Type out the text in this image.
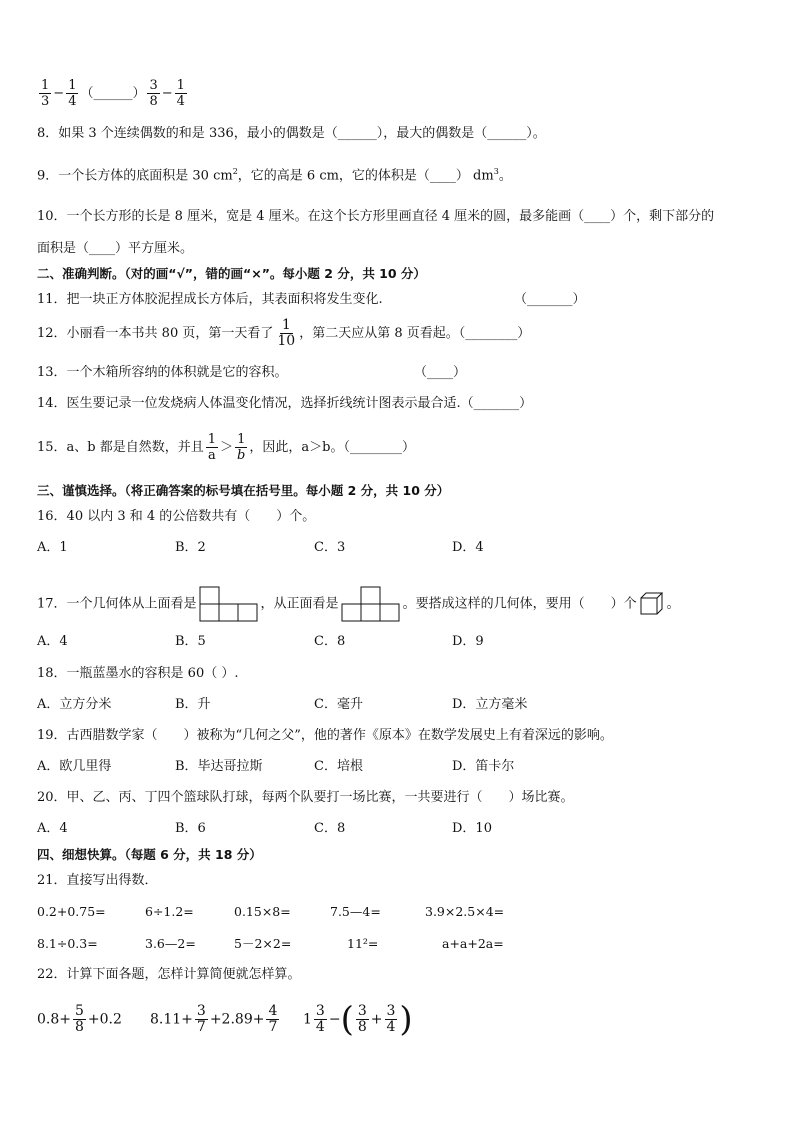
$\frac{1}{3} - \frac{1}{4}$ （______） $\frac{3}{8} - \frac{1}{4}$
8．如果 3 个连续偶数的和是 336，最小的偶数是（______），最大的偶数是（______）。
9．一个长方体的底面积是 30 $cm^2$，它的高是 6 cm，它的体积是（____） $dm^3$。
10．一个长方形的长是 8 厘米，宽是 4 厘米。在这个长方形里画直径 4 厘米的圆，最多能画（____）个，剩下部分的
面积是（____）平方厘米。
二、准确判断。（对的画“√”，错的画“×”。每小题 2 分，共 10 分）
11．把一块正方体胶泥捏成长方体后，其表面积将发生变化.	（_______）
12．小丽看一本书共 80 页，第一天看了 $\frac{1}{10}$ ，第二天应从第 8 页看起。（________）
13．一个木箱所容纳的体积就是它的容积。	（____）
14．医生要记录一位发烧病人体温变化情况，选择折线统计图表示最合适.（_______）
15．a、b 都是自然数，并且 $\frac{1}{a} > \frac{1}{b}$ ，因此，a＞b。（________）
三、谨慎选择。（将正确答案的标号填在括号里。每小题 2 分，共 10 分）
16．40 以内 3 和 4 的公倍数共有（　　）个。
A．1	B．2	C．3	D．4
17．一个几何体从上面看是	，从正面看是	。要搭成这样的几何体，要用（　　）个 。
A．4	B．5	C．8	D．9
18．一瓶蓝墨水的容积是 60（ ）.
A．立方分米	B．升	C．毫升	D．立方毫米
19．古西腊数学家（　　）被称为“几何之父”，他的著作《原本》在数学发展史上有着深远的影响。
A．欧几里得	B．毕达哥拉斯	C．培根	D．笛卡尔
20．甲、乙、丙、丁四个篮球队打球，每两个队要打一场比赛，一共要进行（　　）场比赛。
A．4	B．6	C．8	D．10
四、细想快算。（每题 6 分，共 18 分）
21．直接写出得数．
0.2+0.75=	6÷1.2=	0.15×8=	7.5—4=	3.9×2.5×4=
8.1÷0.3=	3.6—2=	5－2×2=	11²=	a+a+2a=
22．计算下面各题，怎样计算简便就怎样算。
$0.8+ \frac{5}{8} +0.2$ $8.11+ \frac{3}{7} +2.89+ \frac{4}{7} 1 \frac{3}{4}$ −( $\frac{3}{8} + \frac{3}{4}$ )
